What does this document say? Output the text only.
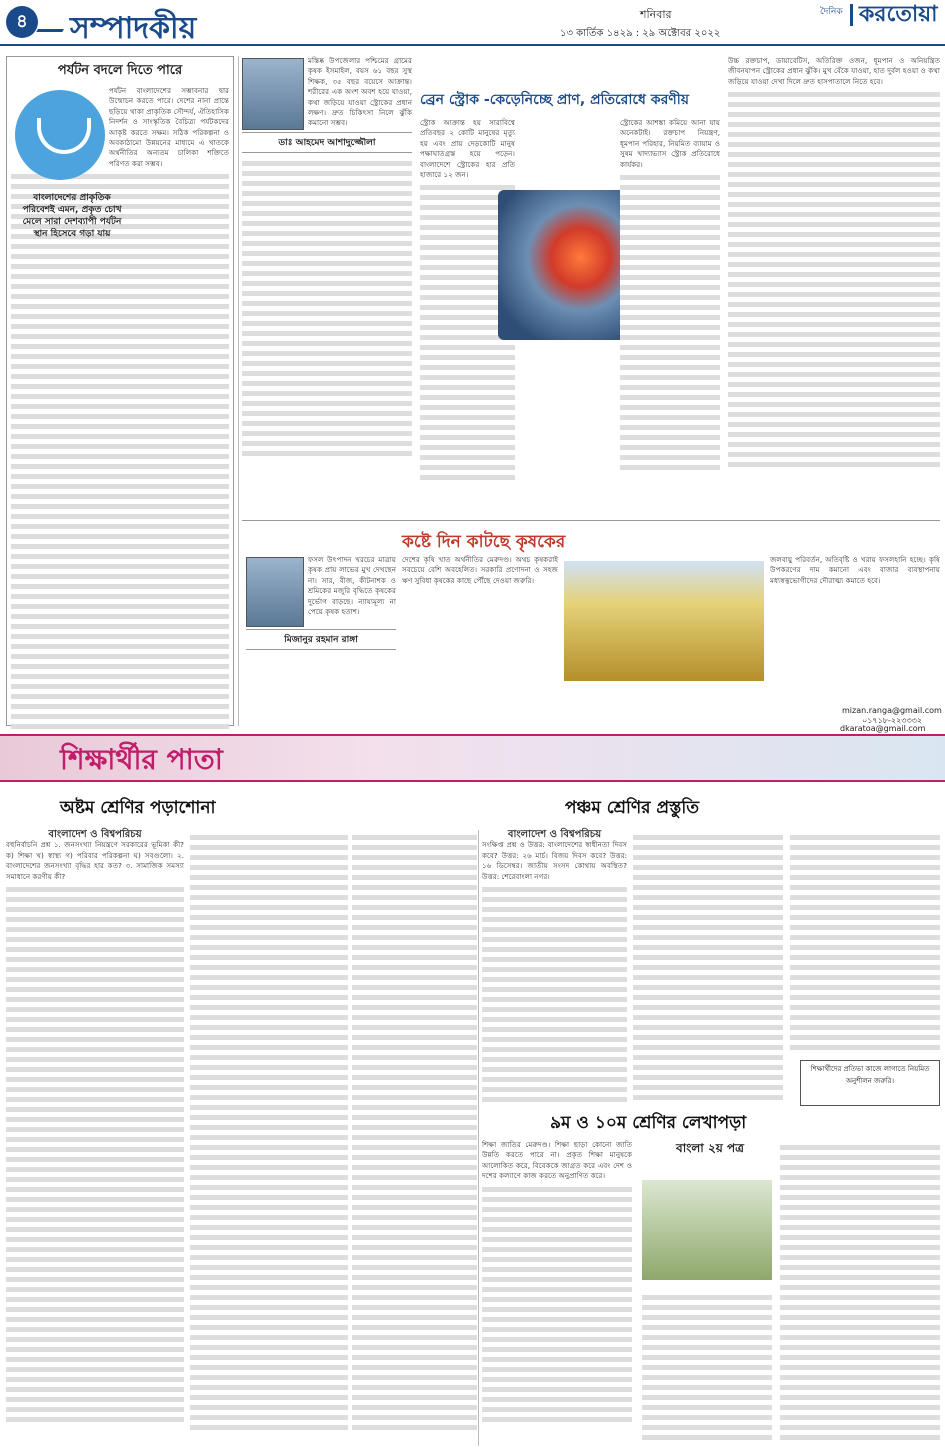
৪	সম্পাদকীয়	শনিবার
১৩ কার্তিক ১৪২৯ : ২৯ অক্টোবর ২০২২
দৈনিক করতোয়া
পর্যটন বদলে দিতে পারে
পর্যটন বাংলাদেশের সম্ভাবনার দ্বার উন্মোচন করতে পারে। দেশের নানা প্রান্তে ছড়িয়ে থাকা প্রাকৃতিক সৌন্দর্য, ঐতিহাসিক নিদর্শন ও সাংস্কৃতিক বৈচিত্র্য পর্যটকদের আকৃষ্ট করতে সক্ষম। সঠিক পরিকল্পনা ও অবকাঠামো উন্নয়নের মাধ্যমে এ খাতকে অর্থনীতির অন্যতম চালিকা শক্তিতে পরিণত করা সম্ভব।
বাংলাদেশের প্রাকৃতিক পরিবেশই এমন, প্রকৃত চোখ মেলে সারা দেশব্যাপী পর্যটন স্থান হিসেবে গড়া যায়
মস্তিষ্ক উপজেলার পশ্চিমের গ্রামের কৃষক ইসমাইল, বয়স ৬১ বছর সুস্থ শিক্ষক, ৩৫ বছর বয়েসে আক্রান্ত। শরীরের এক অংশ অবশ হয়ে যাওয়া, কথা জড়িয়ে যাওয়া স্ট্রোকের প্রধান লক্ষণ। দ্রুত চিকিৎসা নিলে ঝুঁকি কমানো সম্ভব।
ডাঃ আহমেদ আশাদুজ্জৌলা
ব্রেন স্ট্রোক -কেড়েনিচ্ছে প্রাণ, প্রতিরোধে করণীয়
স্ট্রোক আক্রান্ত হয় সারাবিশ্বে প্রতিবছর ২ কোটি মানুষের মৃত্যু হয় এবং প্রায় দেড়কোটি মানুষ পক্ষাঘাতগ্রস্ত হয়ে পড়েন। বাংলাদেশে স্ট্রোকের হার প্রতি হাজারে ১২ জন।
স্ট্রোকের আশঙ্কা কমিয়ে আনা যায় অনেকটাই। রক্তচাপ নিয়ন্ত্রণ, ধূমপান পরিহার, নিয়মিত ব্যায়াম ও সুষম খাদ্যাভ্যাস স্ট্রোক প্রতিরোধে কার্যকর।
উচ্চ রক্তচাপ, ডায়াবেটিস, অতিরিক্ত ওজন, ধূমপান ও অনিয়ন্ত্রিত জীবনযাপন স্ট্রোকের প্রধান ঝুঁকি। মুখ বেঁকে যাওয়া, হাত দুর্বল হওয়া ও কথা জড়িয়ে যাওয়া দেখা দিলে দ্রুত হাসপাতালে নিতে হবে।
কষ্টে দিন কাটছে কৃষকের
ফসল উৎপাদন খরচের মাত্রায় কৃষক প্রায় লাভের মুখ দেখছেন না। সার, বীজ, কীটনাশক ও শ্রমিকের মজুরি বৃদ্ধিতে কৃষকের দুর্ভোগ বাড়ছে। ন্যায্যমূল্য না পেয়ে কৃষক হতাশ।
মিজানুর রহমান রাঙ্গা
দেশের কৃষি খাত অর্থনীতির মেরুদণ্ড। অথচ কৃষকরাই সবচেয়ে বেশি অবহেলিত। সরকারি প্রণোদনা ও সহজ ঋণ সুবিধা কৃষকের কাছে পৌঁছে দেওয়া জরুরি।
জলবায়ু পরিবর্তন, অতিবৃষ্টি ও খরায় ফসলহানি হচ্ছে। কৃষি উপকরণের দাম কমানো এবং বাজার ব্যবস্থাপনায় মধ্যস্বত্বভোগীদের দৌরাত্ম্য কমাতে হবে।
mizan.ranga@gmail.com
০১৭১৮-২২৩৩৩২
শিক্ষার্থীর পাতা
dkaratoa@gmail.com
অষ্টম শ্রেণির পড়াশোনা	পঞ্চম শ্রেণির প্রস্তুতি
বাংলাদেশ ও বিশ্বপরিচয়
বহুনির্বাচনি প্রশ্ন ১. জনসংখ্যা নিয়ন্ত্রণে সরকারের ভূমিকা কী? ক) শিক্ষা খ) স্বাস্থ্য গ) পরিবার পরিকল্পনা ঘ) সবগুলো। ২. বাংলাদেশের জনসংখ্যা বৃদ্ধির হার কত? ৩. সামাজিক সমস্যা সমাধানে করণীয় কী?
বাংলাদেশ ও বিশ্বপরিচয়
সংক্ষিপ্ত প্রশ্ন ও উত্তর: বাংলাদেশের স্বাধীনতা দিবস কবে? উত্তর: ২৬ মার্চ। বিজয় দিবস কবে? উত্তর: ১৬ ডিসেম্বর। জাতীয় সংসদ কোথায় অবস্থিত? উত্তর: শেরেবাংলা নগর।
শিক্ষার্থীদের প্রতিভা কাজে লাগাতে নিয়মিত অনুশীলন জরুরি।
৯ম ও ১০ম শ্রেণির লেখাপড়া
বাংলা ২য় পত্র
শিক্ষা জাতির মেরুদণ্ড। শিক্ষা ছাড়া কোনো জাতি উন্নতি করতে পারে না। প্রকৃত শিক্ষা মানুষকে আলোকিত করে, বিবেককে জাগ্রত করে এবং দেশ ও দশের কল্যাণে কাজ করতে অনুপ্রাণিত করে।
